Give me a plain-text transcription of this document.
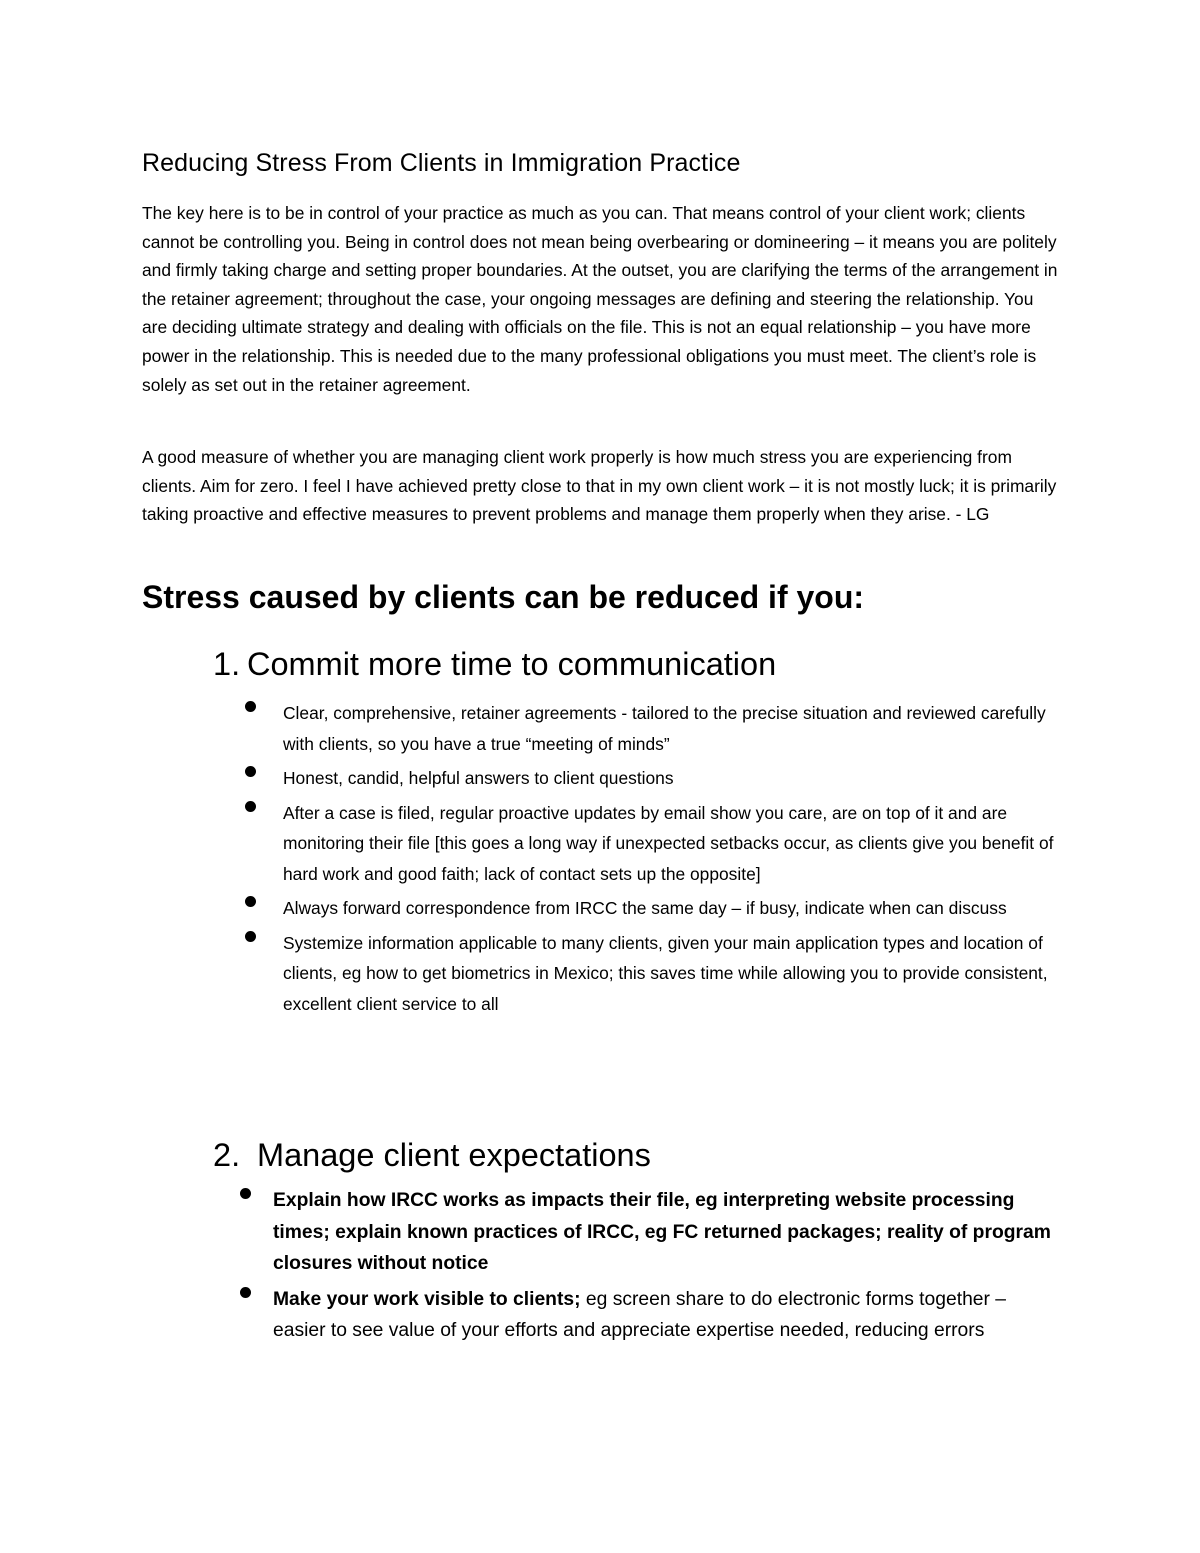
Reducing Stress From Clients in Immigration Practice

The key here is to be in control of your practice as much as you can. That means control of your client work; clients cannot be controlling you. Being in control does not mean being overbearing or domineering – it means you are politely and firmly taking charge and setting proper boundaries. At the outset, you are clarifying the terms of the arrangement in the retainer agreement; throughout the case, your ongoing messages are defining and steering the relationship. You are deciding ultimate strategy and dealing with officials on the file. This is not an equal relationship – you have more power in the relationship. This is needed due to the many professional obligations you must meet. The client’s role is solely as set out in the retainer agreement.

A good measure of whether you are managing client work properly is how much stress you are experiencing from clients. Aim for zero. I feel I have achieved pretty close to that in my own client work – it is not mostly luck; it is primarily taking proactive and effective measures to prevent problems and manage them properly when they arise. - LG

Stress caused by clients can be reduced if you:
1. Commit more time to communication
Clear, comprehensive, retainer agreements - tailored to the precise situation and reviewed carefully with clients, so you have a true “meeting of minds”
Honest, candid, helpful answers to client questions
After a case is filed, regular proactive updates by email show you care, are on top of it and are monitoring their file [this goes a long way if unexpected setbacks occur, as clients give you benefit of hard work and good faith; lack of contact sets up the opposite]
Always forward correspondence from IRCC the same day – if busy, indicate when can discuss
Systemize information applicable to many clients, given your main application types and location of clients, eg how to get biometrics in Mexico; this saves time while allowing you to provide consistent, excellent client service to all
2. Manage client expectations
Explain how IRCC works as impacts their file, eg interpreting website processing times; explain known practices of IRCC, eg FC returned packages; reality of program closures without notice
Make your work visible to clients; eg screen share to do electronic forms together – easier to see value of your efforts and appreciate expertise needed, reducing errors
